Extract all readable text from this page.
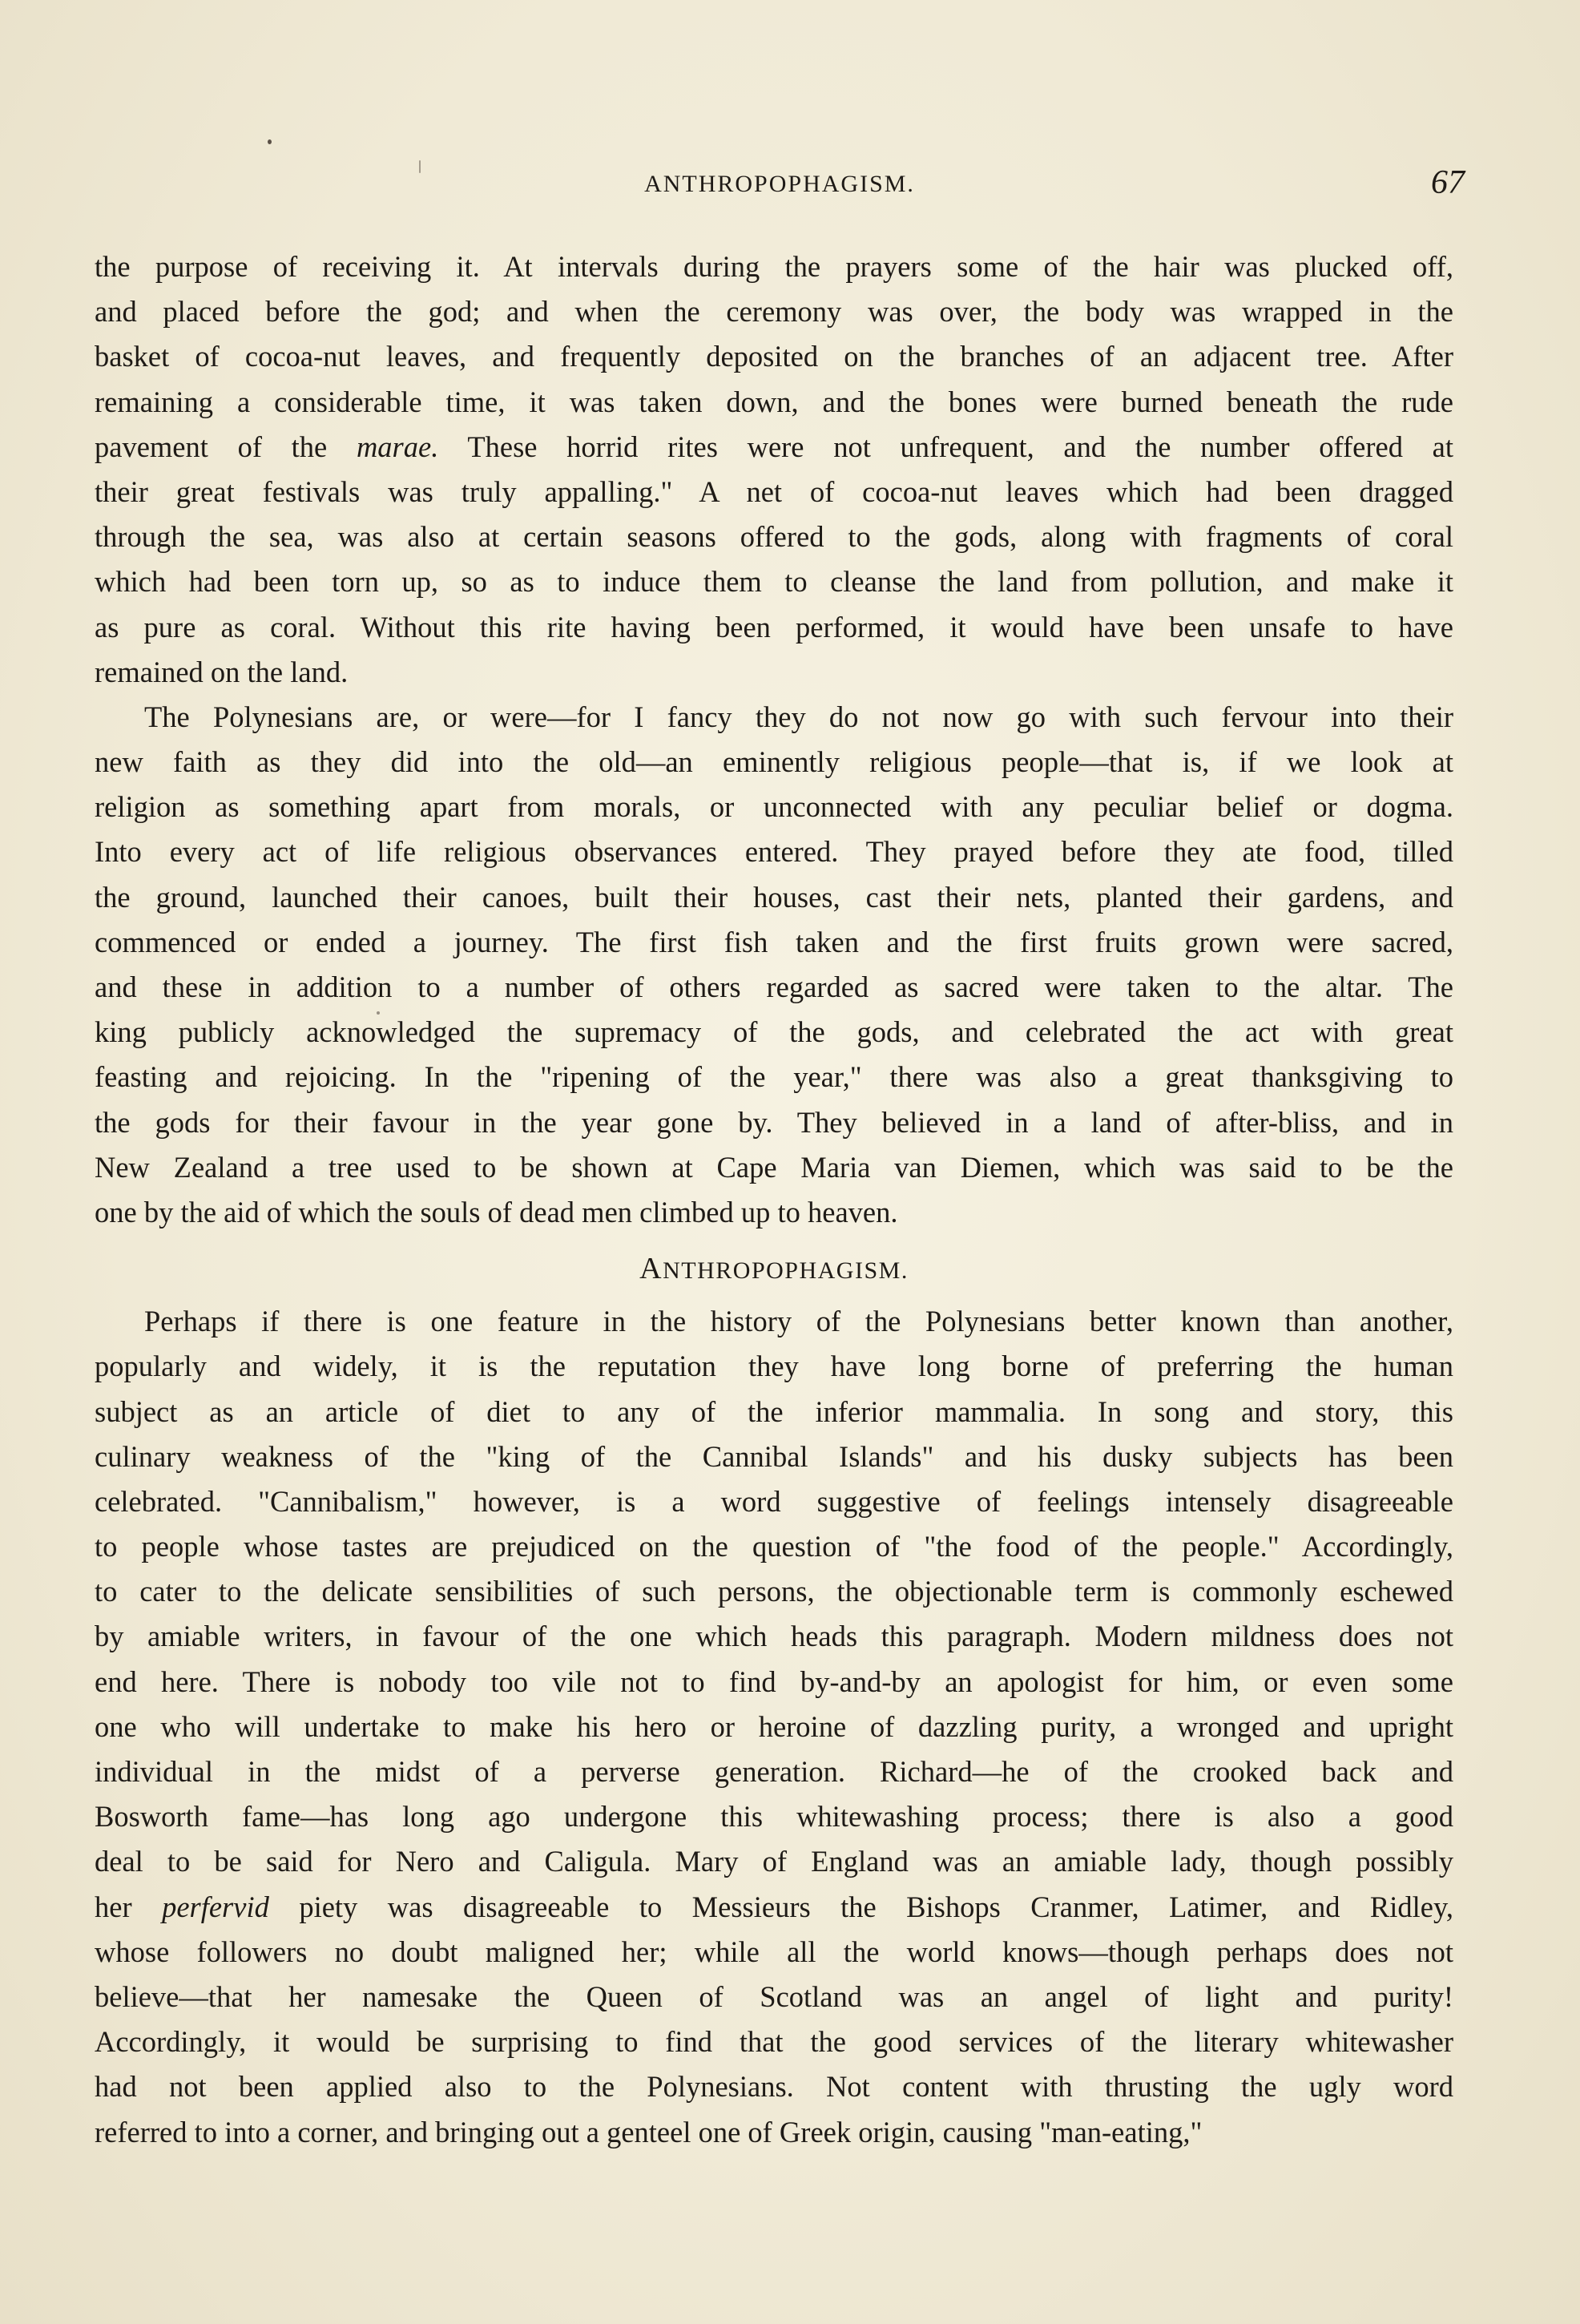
ANTHROPOPHAGISM.	67
the purpose of receiving it. At intervals during the prayers some of the hair was plucked off,
and placed before the god; and when the ceremony was over, the body was wrapped in the
basket of cocoa-nut leaves, and frequently deposited on the branches of an adjacent tree. After
remaining a considerable time, it was taken down, and the bones were burned beneath the rude
pavement of the marae. These horrid rites were not unfrequent, and the number offered at
their great festivals was truly appalling." A net of cocoa-nut leaves which had been dragged
through the sea, was also at certain seasons offered to the gods, along with fragments of coral
which had been torn up, so as to induce them to cleanse the land from pollution, and make it
as pure as coral. Without this rite having been performed, it would have been unsafe to have
remained on the land.
The Polynesians are, or were—for I fancy they do not now go with such fervour into their
new faith as they did into the old—an eminently religious people—that is, if we look at
religion as something apart from morals, or unconnected with any peculiar belief or dogma.
Into every act of life religious observances entered. They prayed before they ate food, tilled
the ground, launched their canoes, built their houses, cast their nets, planted their gardens, and
commenced or ended a journey. The first fish taken and the first fruits grown were sacred,
and these in addition to a number of others regarded as sacred were taken to the altar. The
king publicly acknowledged the supremacy of the gods, and celebrated the act with great
feasting and rejoicing. In the "ripening of the year," there was also a great thanksgiving to
the gods for their favour in the year gone by. They believed in a land of after-bliss, and in
New Zealand a tree used to be shown at Cape Maria van Diemen, which was said to be the
one by the aid of which the souls of dead men climbed up to heaven.
ANTHROPOPHAGISM.
Perhaps if there is one feature in the history of the Polynesians better known than another,
popularly and widely, it is the reputation they have long borne of preferring the human
subject as an article of diet to any of the inferior mammalia. In song and story, this
culinary weakness of the "king of the Cannibal Islands" and his dusky subjects has been
celebrated. "Cannibalism," however, is a word suggestive of feelings intensely disagreeable
to people whose tastes are prejudiced on the question of "the food of the people." Accordingly,
to cater to the delicate sensibilities of such persons, the objectionable term is commonly eschewed
by amiable writers, in favour of the one which heads this paragraph. Modern mildness does not
end here. There is nobody too vile not to find by-and-by an apologist for him, or even some
one who will undertake to make his hero or heroine of dazzling purity, a wronged and upright
individual in the midst of a perverse generation. Richard—he of the crooked back and
Bosworth fame—has long ago undergone this whitewashing process; there is also a good
deal to be said for Nero and Caligula. Mary of England was an amiable lady, though possibly
her perfervid piety was disagreeable to Messieurs the Bishops Cranmer, Latimer, and Ridley,
whose followers no doubt maligned her; while all the world knows—though perhaps does not
believe—that her namesake the Queen of Scotland was an angel of light and purity!
Accordingly, it would be surprising to find that the good services of the literary whitewasher
had not been applied also to the Polynesians. Not content with thrusting the ugly word
referred to into a corner, and bringing out a genteel one of Greek origin, causing "man-eating,"
